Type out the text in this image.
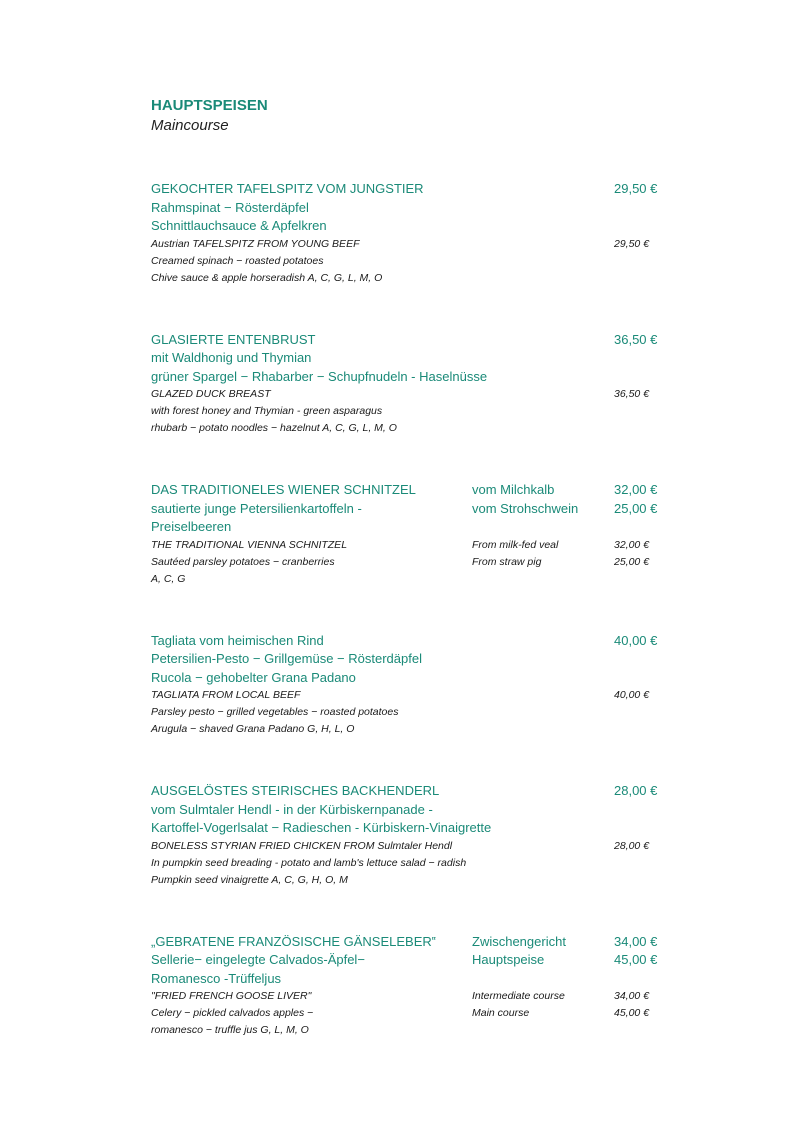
HAUPTSPEISEN

Maincourse

GEKOCHTER TAFELSPITZ VOM JUNGSTIER	29,50 €
Rahmspinat − Rösterdäpfel
Schnittlauchsauce & Apfelkren
Austrian TAFELSPITZ FROM YOUNG BEEF	29,50 €
Creamed spinach − roasted potatoes
Chive sauce & apple horseradish A, C, G, L, M, O
GLASIERTE ENTENBRUST	36,50 €
mit Waldhonig und Thymian
grüner Spargel − Rhabarber − Schupfnudeln - Haselnüsse
GLAZED DUCK BREAST	36,50 €
with forest honey and Thymian - green asparagus
rhubarb − potato noodles − hazelnut A, C, G, L, M, O
DAS TRADITIONELES WIENER SCHNITZEL	vom Milchkalb	32,00 €
sautierte junge Petersilienkartoffeln -	vom Strohschwein	25,00 €
Preiselbeeren
THE TRADITIONAL VIENNA SCHNITZEL	From milk-fed veal	32,00 €
Sautéed parsley potatoes − cranberries	From straw pig	25,00 €
A, C, G
Tagliata vom heimischen Rind	40,00 €
Petersilien-Pesto − Grillgemüse − Rösterdäpfel
Rucola − gehobelter Grana Padano
TAGLIATA FROM LOCAL BEEF	40,00 €
Parsley pesto − grilled vegetables − roasted potatoes
Arugula − shaved Grana Padano G, H, L, O
AUSGELÖSTES STEIRISCHES BACKHENDERL	28,00 €
vom Sulmtaler Hendl - in der Kürbiskernpanade -
Kartoffel-Vogerlsalat − Radieschen - Kürbiskern-Vinaigrette
BONELESS STYRIAN FRIED CHICKEN FROM Sulmtaler Hendl	28,00 €
In pumpkin seed breading - potato and lamb's lettuce salad − radish
Pumpkin seed vinaigrette A, C, G, H, O, M
„GEBRATENE FRANZÖSISCHE GÄNSELEBER‟	Zwischengericht	34,00 €
Sellerie− eingelegte Calvados-Äpfel−	Hauptspeise	45,00 €
Romanesco -Trüffeljus
"FRIED FRENCH GOOSE LIVER"	Intermediate course	34,00 €
Celery − pickled calvados apples −	Main course	45,00 €
romanesco − truffle jus G, L, M, O
